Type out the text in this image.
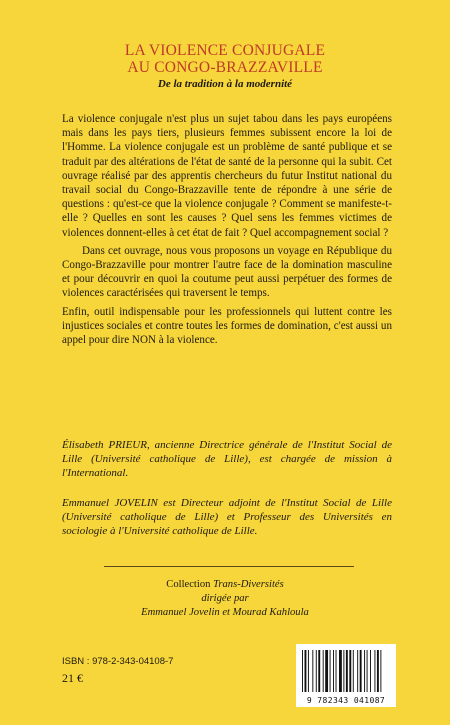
LA VIOLENCE CONJUGALE
AU CONGO-BRAZZAVILLE
De la tradition à la modernité

La violence conjugale n'est plus un sujet tabou dans les pays européens mais dans les pays tiers, plusieurs femmes subissent encore la loi de l'Homme. La violence conjugale est un problème de santé publique et se traduit par des altérations de l'état de santé de la personne qui la subit. Cet ouvrage réalisé par des apprentis chercheurs du futur Institut national du travail social du Congo-Brazzaville tente de répondre à une série de questions : qu'est-ce que la violence conjugale ? Comment se manifeste-t-elle ? Quelles en sont les causes ? Quel sens les femmes victimes de violences donnent-elles à cet état de fait ? Quel accompagnement social ?

Dans cet ouvrage, nous vous proposons un voyage en République du Congo-Brazzaville pour montrer l'autre face de la domination masculine et pour découvrir en quoi la coutume peut aussi perpétuer des formes de violences caractérisées qui traversent le temps.

Enfin, outil indispensable pour les professionnels qui luttent contre les injustices sociales et contre toutes les formes de domination, c'est aussi un appel pour dire NON à la violence.

Élisabeth PRIEUR, ancienne Directrice générale de l'Institut Social de Lille (Université catholique de Lille), est chargée de mission à l'International.

Emmanuel JOVELIN est Directeur adjoint de l'Institut Social de Lille (Université catholique de Lille) et Professeur des Universités en sociologie à l'Université catholique de Lille.

Collection Trans-Diversités
dirigée par
Emmanuel Jovelin et Mourad Kahloula
ISBN : 978-2-343-04108-7
21 €
9 782343 041087
